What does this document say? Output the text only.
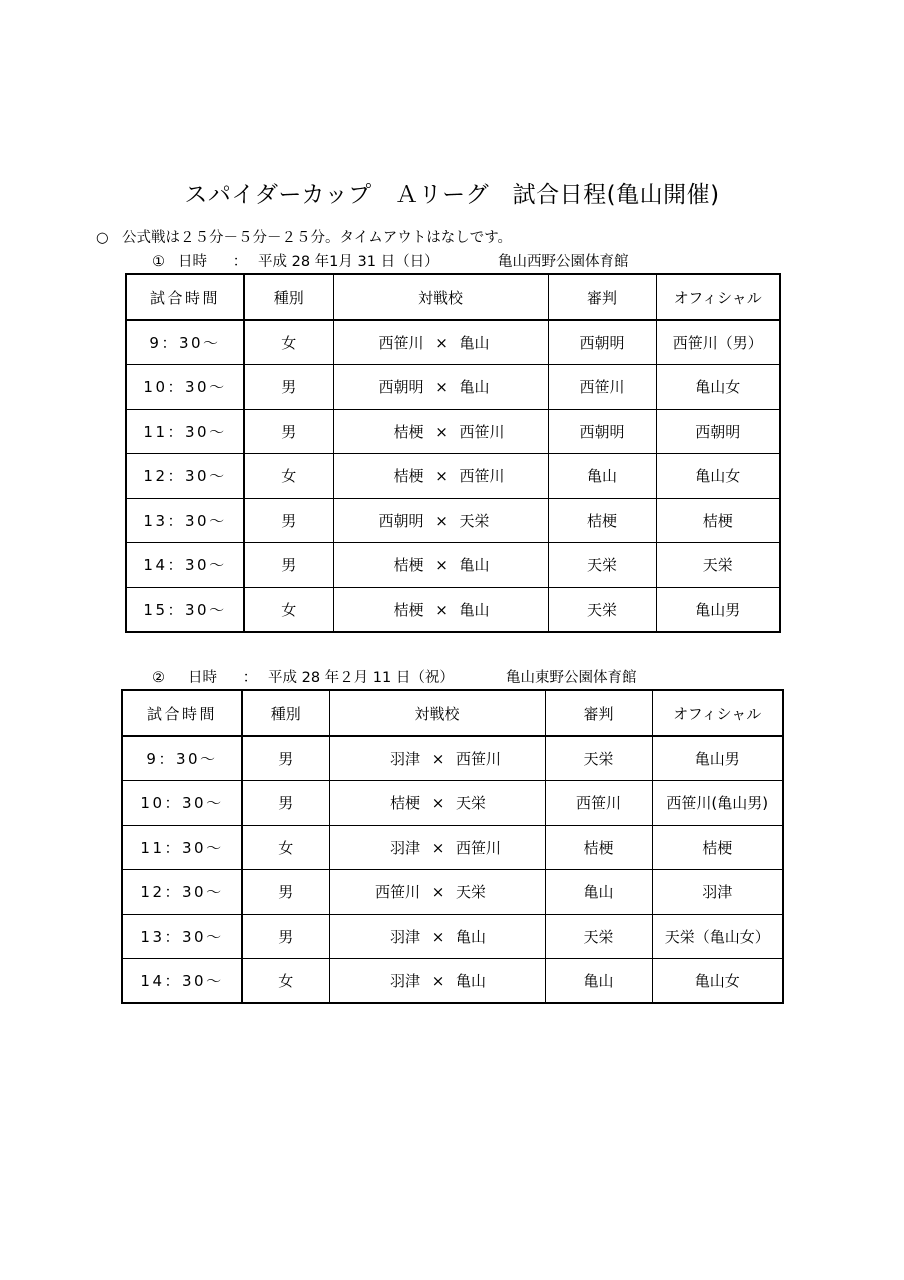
スパイダーカップ　Ａリーグ　試合日程(亀山開催)
○ 公式戦は２５分－５分－２５分。タイムアウトはなしです。
① 日時 ： 平成 28 年1月 31 日（日）	亀山西野公園体育館
試合時間	種別	対戦校	審判	オフィシャル
9：30～	女	西笹川 × 亀山	西朝明	西笹川（男）
10：30～	男	西朝明 × 亀山	西笹川	亀山女
11：30～	男	桔梗 × 西笹川	西朝明	西朝明
12：30～	女	桔梗 × 西笹川	亀山	亀山女
13：30～	男	西朝明 × 天栄	桔梗	桔梗
14：30～	男	桔梗 × 亀山	天栄	天栄
15：30～	女	桔梗 × 亀山	天栄	亀山男
② 日時 ： 平成 28 年２月 11 日（祝）	亀山東野公園体育館
試合時間	種別	対戦校	審判	オフィシャル
9：30～	男	羽津 × 西笹川	天栄	亀山男
10：30～	男	桔梗 × 天栄	西笹川	西笹川(亀山男)
11：30～	女	羽津 × 西笹川	桔梗	桔梗
12：30～	男	西笹川 × 天栄	亀山	羽津
13：30～	男	羽津 × 亀山	天栄	天栄（亀山女）
14：30～	女	羽津 × 亀山	亀山	亀山女
